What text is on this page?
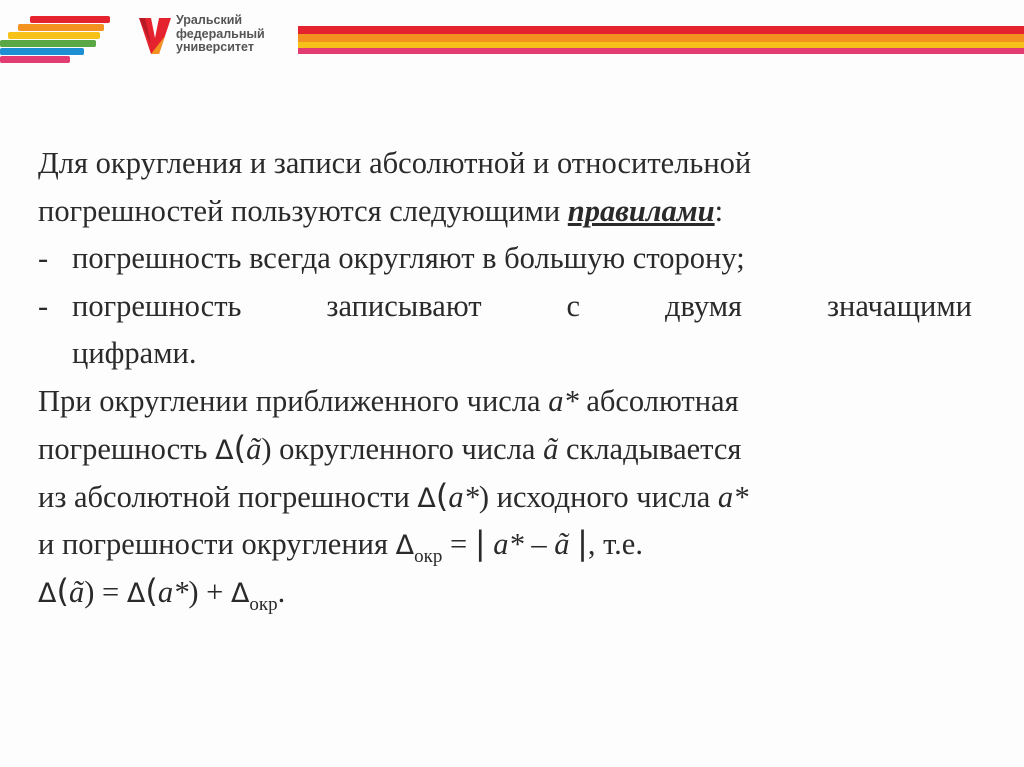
Уральский
федеральный
университет
Для округления и записи абсолютной и относительной
погрешностей пользуются следующими правилами:
- погрешность всегда округляют в большую сторону;
- погрешность	записывают	с	двумя	значащими
цифрами.
При округлении приближенного числа a* абсолютная
погрешность Δ(ã) округленного числа ã складывается
из абсолютной погрешности Δ(a*) исходного числа a*
и погрешности округления $\Delta_{окр}$ = | a* – ã |, т.е.
Δ(ã) = $\Delta(a*) + \Delta_{окр}$.
